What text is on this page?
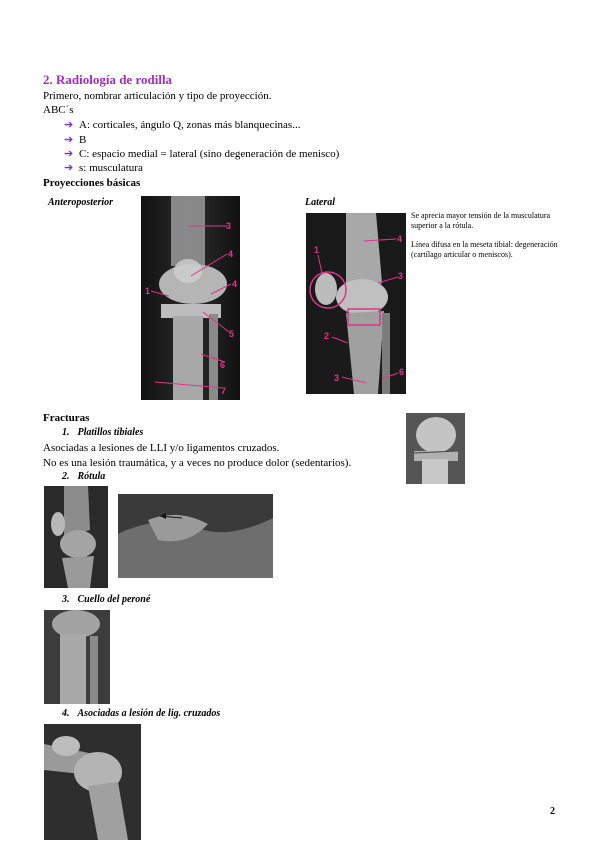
2. Radiología de rodilla
Primero, nombrar articulación y tipo de proyección.
ABC´s
➔ A: corticales, ángulo Q, zonas más blanquecinas...
➔ B
➔ C: espacio medial = lateral (sino degeneración de menisco)
➔ s: musculatura
Proyecciones básicas
Anteroposterior
3
4
1
4
5
6
7
Lateral
4
1
3
2
3
6
Se aprecia mayor tensión de la musculatura superior a la rótula.
Línea difusa en la meseta tibial: degeneración (cartílago articular o meniscos).
Fracturas
1. Platillos tibiales
Asociadas a lesiones de LLI y/o ligamentos cruzados.
No es una lesión traumática, y a veces no produce dolor (sedentarios).
2. Rótula
3. Cuello del peroné
4. Asociadas a lesión de lig. cruzados
2
